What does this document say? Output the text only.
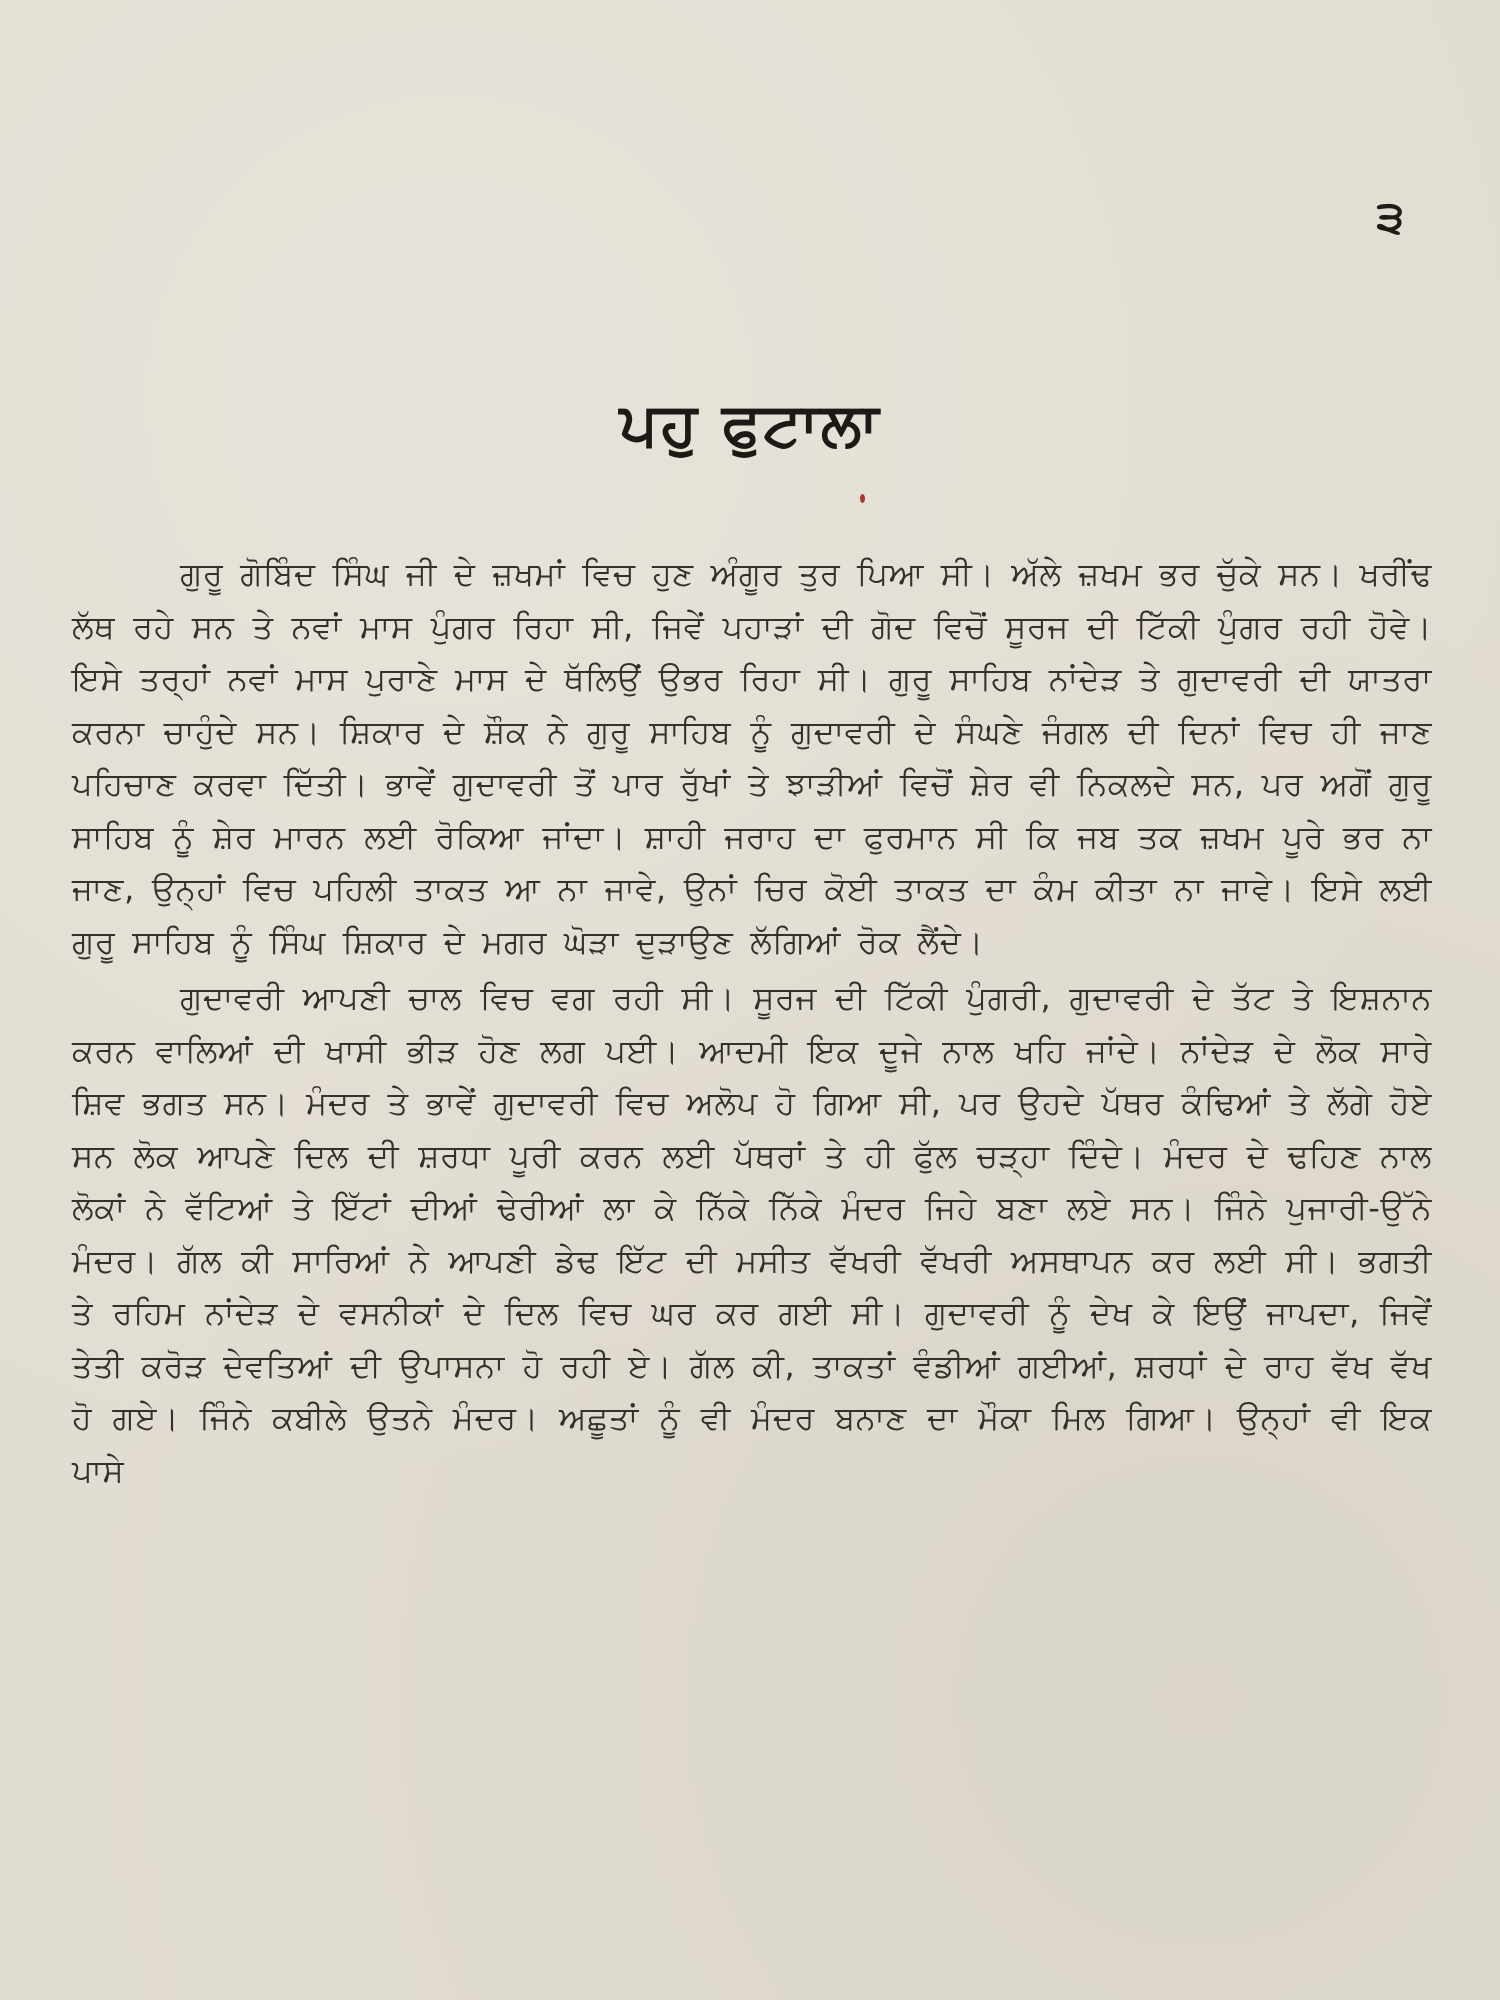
੩
ਪਹੁ ਫੁਟਾਲਾ

ਗੁਰੂ ਗੋਬਿੰਦ ਸਿੰਘ ਜੀ ਦੇ ਜ਼ਖਮਾਂ ਵਿਚ ਹੁਣ ਅੰਗੂਰ ਤੁਰ ਪਿਆ ਸੀ। ਅੱਲੇ ਜ਼ਖਮ ਭਰ ਚੁੱਕੇ ਸਨ। ਖਰੀਂਢ ਲੱਥ ਰਹੇ ਸਨ ਤੇ ਨਵਾਂ ਮਾਸ ਪੁੰਗਰ ਰਿਹਾ ਸੀ, ਜਿਵੇਂ ਪਹਾੜਾਂ ਦੀ ਗੋਦ ਵਿਚੋਂ ਸੂਰਜ ਦੀ ਟਿੱਕੀ ਪੁੰਗਰ ਰਹੀ ਹੋਵੇ। ਇਸੇ ਤਰ੍ਹਾਂ ਨਵਾਂ ਮਾਸ ਪੁਰਾਣੇ ਮਾਸ ਦੇ ਥੱਲਿਉਂ ਉਭਰ ਰਿਹਾ ਸੀ। ਗੁਰੂ ਸਾਹਿਬ ਨਾਂਦੇੜ ਤੇ ਗੁਦਾਵਰੀ ਦੀ ਯਾਤਰਾ ਕਰਨਾ ਚਾਹੁੰਦੇ ਸਨ। ਸ਼ਿਕਾਰ ਦੇ ਸ਼ੌਕ ਨੇ ਗੁਰੂ ਸਾਹਿਬ ਨੂੰ ਗੁਦਾਵਰੀ ਦੇ ਸੰਘਣੇ ਜੰਗਲ ਦੀ ਦਿਨਾਂ ਵਿਚ ਹੀ ਜਾਣ ਪਹਿਚਾਣ ਕਰਵਾ ਦਿੱਤੀ। ਭਾਵੇਂ ਗੁਦਾਵਰੀ ਤੋਂ ਪਾਰ ਰੁੱਖਾਂ ਤੇ ਝਾੜੀਆਂ ਵਿਚੋਂ ਸ਼ੇਰ ਵੀ ਨਿਕਲਦੇ ਸਨ, ਪਰ ਅਗੋਂ ਗੁਰੂ ਸਾਹਿਬ ਨੂੰ ਸ਼ੇਰ ਮਾਰਨ ਲਈ ਰੋਕਿਆ ਜਾਂਦਾ। ਸ਼ਾਹੀ ਜਰਾਹ ਦਾ ਫੁਰਮਾਨ ਸੀ ਕਿ ਜਬ ਤਕ ਜ਼ਖਮ ਪੂਰੇ ਭਰ ਨਾ ਜਾਣ, ਉਨ੍ਹਾਂ ਵਿਚ ਪਹਿਲੀ ਤਾਕਤ ਆ ਨਾ ਜਾਵੇ, ਉਨਾਂ ਚਿਰ ਕੋਈ ਤਾਕਤ ਦਾ ਕੰਮ ਕੀਤਾ ਨਾ ਜਾਵੇ। ਇਸੇ ਲਈ ਗੁਰੂ ਸਾਹਿਬ ਨੂੰ ਸਿੰਘ ਸ਼ਿਕਾਰ ਦੇ ਮਗਰ ਘੋੜਾ ਦੁੜਾਉਣ ਲੱਗਿਆਂ ਰੋਕ ਲੈਂਦੇ।

ਗੁਦਾਵਰੀ ਆਪਣੀ ਚਾਲ ਵਿਚ ਵਗ ਰਹੀ ਸੀ। ਸੂਰਜ ਦੀ ਟਿੱਕੀ ਪੁੰਗਰੀ, ਗੁਦਾਵਰੀ ਦੇ ਤੱਟ ਤੇ ਇਸ਼ਨਾਨ ਕਰਨ ਵਾਲਿਆਂ ਦੀ ਖਾਸੀ ਭੀੜ ਹੋਣ ਲਗ ਪਈ। ਆਦਮੀ ਇਕ ਦੂਜੇ ਨਾਲ ਖਹਿ ਜਾਂਦੇ। ਨਾਂਦੇੜ ਦੇ ਲੋਕ ਸਾਰੇ ਸ਼ਿਵ ਭਗਤ ਸਨ। ਮੰਦਰ ਤੇ ਭਾਵੇਂ ਗੁਦਾਵਰੀ ਵਿਚ ਅਲੋਪ ਹੋ ਗਿਆ ਸੀ, ਪਰ ਉਹਦੇ ਪੱਥਰ ਕੰਢਿਆਂ ਤੇ ਲੱਗੇ ਹੋਏ ਸਨ ਲੋਕ ਆਪਣੇ ਦਿਲ ਦੀ ਸ਼ਰਧਾ ਪੂਰੀ ਕਰਨ ਲਈ ਪੱਥਰਾਂ ਤੇ ਹੀ ਫੁੱਲ ਚੜ੍ਹਾ ਦਿੰਦੇ। ਮੰਦਰ ਦੇ ਢਹਿਣ ਨਾਲ ਲੋਕਾਂ ਨੇ ਵੱਟਿਆਂ ਤੇ ਇੱਟਾਂ ਦੀਆਂ ਢੇਰੀਆਂ ਲਾ ਕੇ ਨਿੱਕੇ ਨਿੱਕੇ ਮੰਦਰ ਜਿਹੇ ਬਣਾ ਲਏ ਸਨ। ਜਿੰਨੇ ਪੁਜਾਰੀ-ਉੱਨੇ ਮੰਦਰ। ਗੱਲ ਕੀ ਸਾਰਿਆਂ ਨੇ ਆਪਣੀ ਡੇਢ ਇੱਟ ਦੀ ਮਸੀਤ ਵੱਖਰੀ ਵੱਖਰੀ ਅਸਥਾਪਨ ਕਰ ਲਈ ਸੀ। ਭਗਤੀ ਤੇ ਰਹਿਮ ਨਾਂਦੇੜ ਦੇ ਵਸਨੀਕਾਂ ਦੇ ਦਿਲ ਵਿਚ ਘਰ ਕਰ ਗਈ ਸੀ। ਗੁਦਾਵਰੀ ਨੂੰ ਦੇਖ ਕੇ ਇਉਂ ਜਾਪਦਾ, ਜਿਵੇਂ ਤੇਤੀ ਕਰੋੜ ਦੇਵਤਿਆਂ ਦੀ ਉਪਾਸਨਾ ਹੋ ਰਹੀ ਏ। ਗੱਲ ਕੀ, ਤਾਕਤਾਂ ਵੰਡੀਆਂ ਗਈਆਂ, ਸ਼ਰਧਾਂ ਦੇ ਰਾਹ ਵੱਖ ਵੱਖ ਹੋ ਗਏ। ਜਿੰਨੇ ਕਬੀਲੇ ਉਤਨੇ ਮੰਦਰ। ਅਛੂਤਾਂ ਨੂੰ ਵੀ ਮੰਦਰ ਬਨਾਣ ਦਾ ਮੌਕਾ ਮਿਲ ਗਿਆ। ਉਨ੍ਹਾਂ ਵੀ ਇਕ ਪਾਸੇ
